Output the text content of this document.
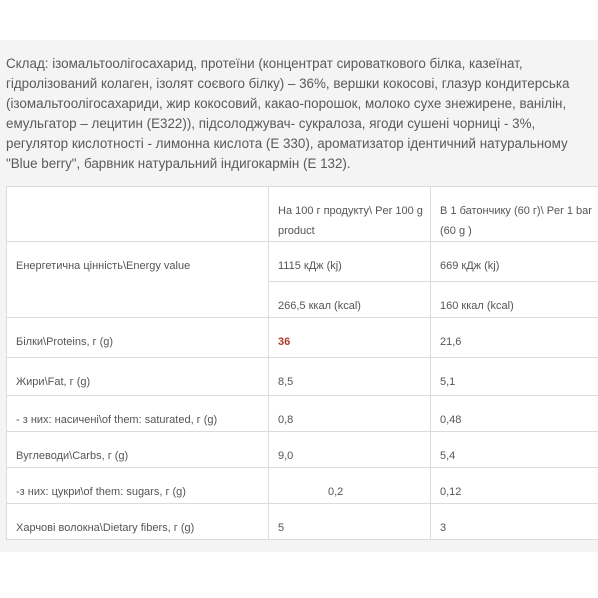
Склад: ізомальтоолігосахарид, протеїни (концентрат сироваткового білка, казеїнат, гідролізований колаген, ізолят соєвого білку) – 36%, вершки кокосові, глазур кондитерська (ізомальтоолігосахариди, жир кокосовий, какао-порошок, молоко сухе знежирене, ванілін, емульгатор – лецитин (Е322)), підсолоджувач- сукралоза, ягоди сушені чорниці - 3%, регулятор кислотності - лимонна кислота (Е 330), ароматизатор ідентичний натуральному "Blue berry", барвник натуральний індигокармін (Е 132).

	На 100 г продукту\ Per 100 g product	В 1 батончику (60 г)\ Per 1 bar (60 g )
Енергетична цінність\Energy value	1115 кДж (kj)	669 кДж (kj)
	266,5 ккал (kcal)	160 ккал (kcal)
Білки\Proteins, г (g)	36	21,6
Жири\Fat, г (g)	8,5	5,1
- з них: насичені\of them: saturated, г (g)	0,8	0,48
Вуглеводи\Carbs, г (g)	9,0	5,4
-з них: цукри\of them: sugars, г (g)	0,2	0,12
Харчові волокна\Dietary fibers, г (g)	5	3
